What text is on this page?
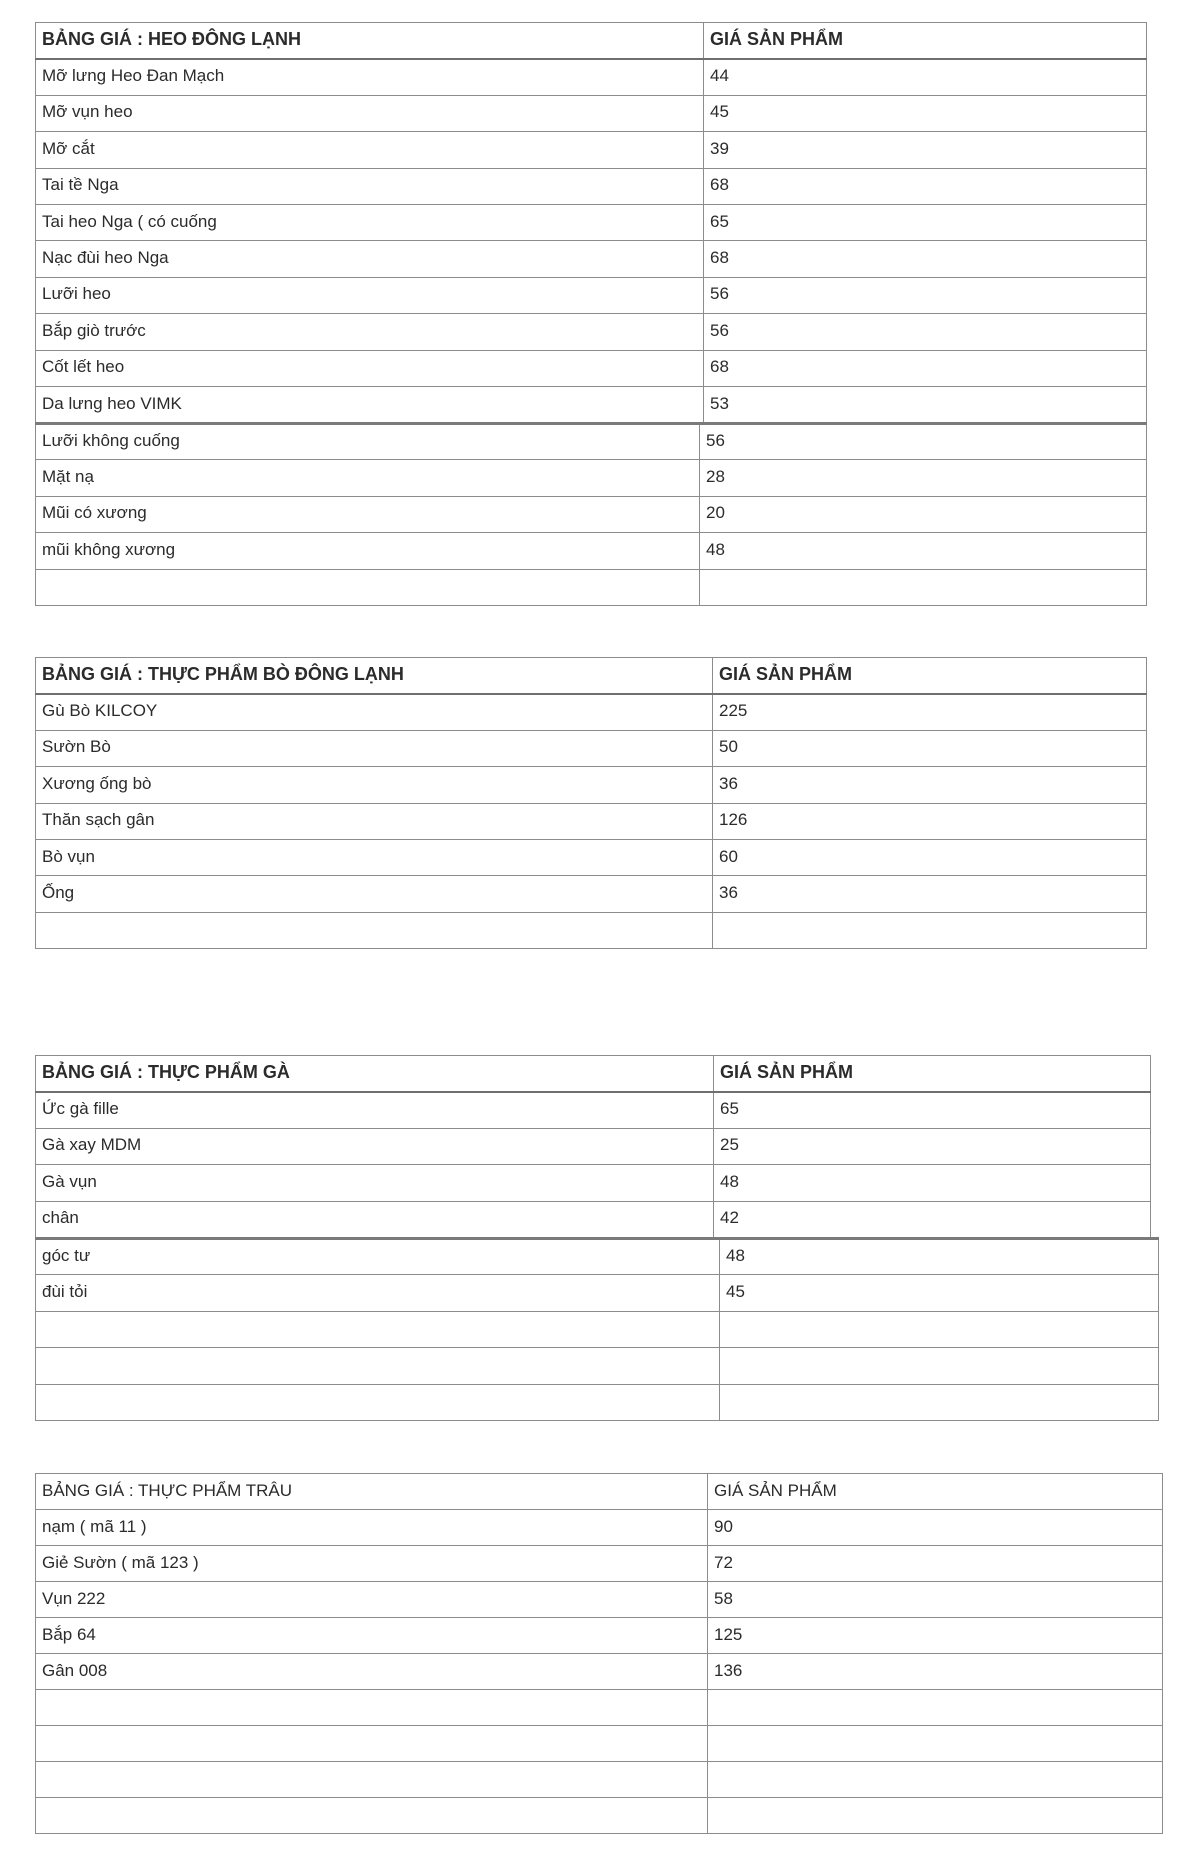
BẢNG GIÁ : HEO ĐÔNG LẠNH	GIÁ SẢN PHẨM
Mỡ lưng Heo Đan Mạch	44
Mỡ vụn heo	45
Mỡ cắt	39
Tai tề Nga	68
Tai heo Nga ( có cuống	65
Nạc đùi heo Nga	68
Lưỡi heo	56
Bắp giò trước	56
Cốt lết heo	68
Da lưng heo VIMK	53
Lưỡi không cuống	56
Mặt nạ	28
Mũi có xương	20
mũi không xương	48

BẢNG GIÁ : THỰC PHẨM BÒ ĐÔNG LẠNH	GIÁ SẢN PHẨM
Gù Bò KILCOY	225
Sườn Bò	50
Xương ống bò	36
Thăn sạch gân	126
Bò vụn	60
Ống	36

BẢNG GIÁ : THỰC PHẨM GÀ	GIÁ SẢN PHẨM
Ức gà fille	65
Gà xay MDM	25
Gà vụn	48
chân	42
góc tư	48
đùi tỏi	45

BẢNG GIÁ : THỰC PHẨM TRÂU	GIÁ SẢN PHẨM
nạm ( mã 11 )	90
Giẻ Sườn ( mã 123 )	72
Vụn 222	58
Bắp 64	125
Gân 008	136
